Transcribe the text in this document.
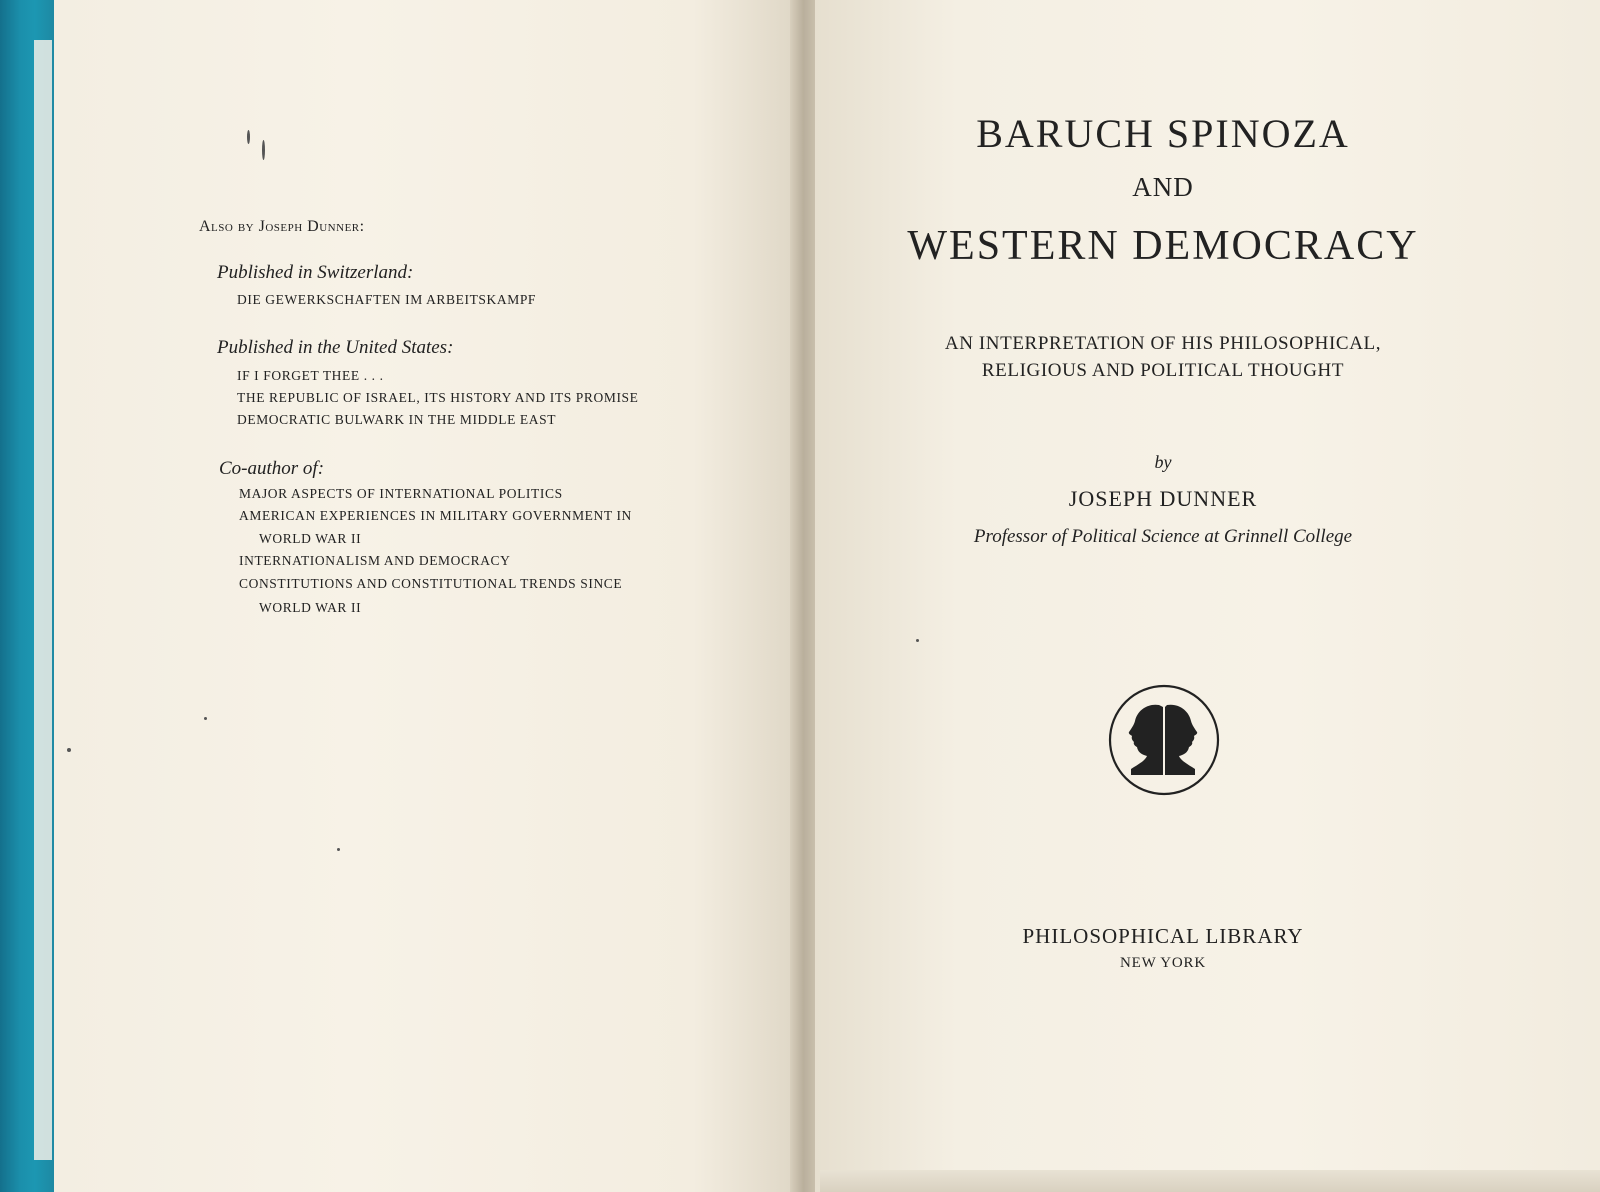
Also by Joseph Dunner:
Published in Switzerland:
DIE GEWERKSCHAFTEN IM ARBEITSKAMPF
Published in the United States:
IF I FORGET THEE . . .
THE REPUBLIC OF ISRAEL, ITS HISTORY AND ITS PROMISE
DEMOCRATIC BULWARK IN THE MIDDLE EAST
Co-author of:
MAJOR ASPECTS OF INTERNATIONAL POLITICS
AMERICAN EXPERIENCES IN MILITARY GOVERNMENT IN
WORLD WAR II
INTERNATIONALISM AND DEMOCRACY
CONSTITUTIONS AND CONSTITUTIONAL TRENDS SINCE
WORLD WAR II
BARUCH SPINOZA
AND
WESTERN DEMOCRACY
AN INTERPRETATION OF HIS PHILOSOPHICAL,
RELIGIOUS AND POLITICAL THOUGHT
by
JOSEPH DUNNER
Professor of Political Science at Grinnell College
PHILOSOPHICAL LIBRARY
NEW YORK
